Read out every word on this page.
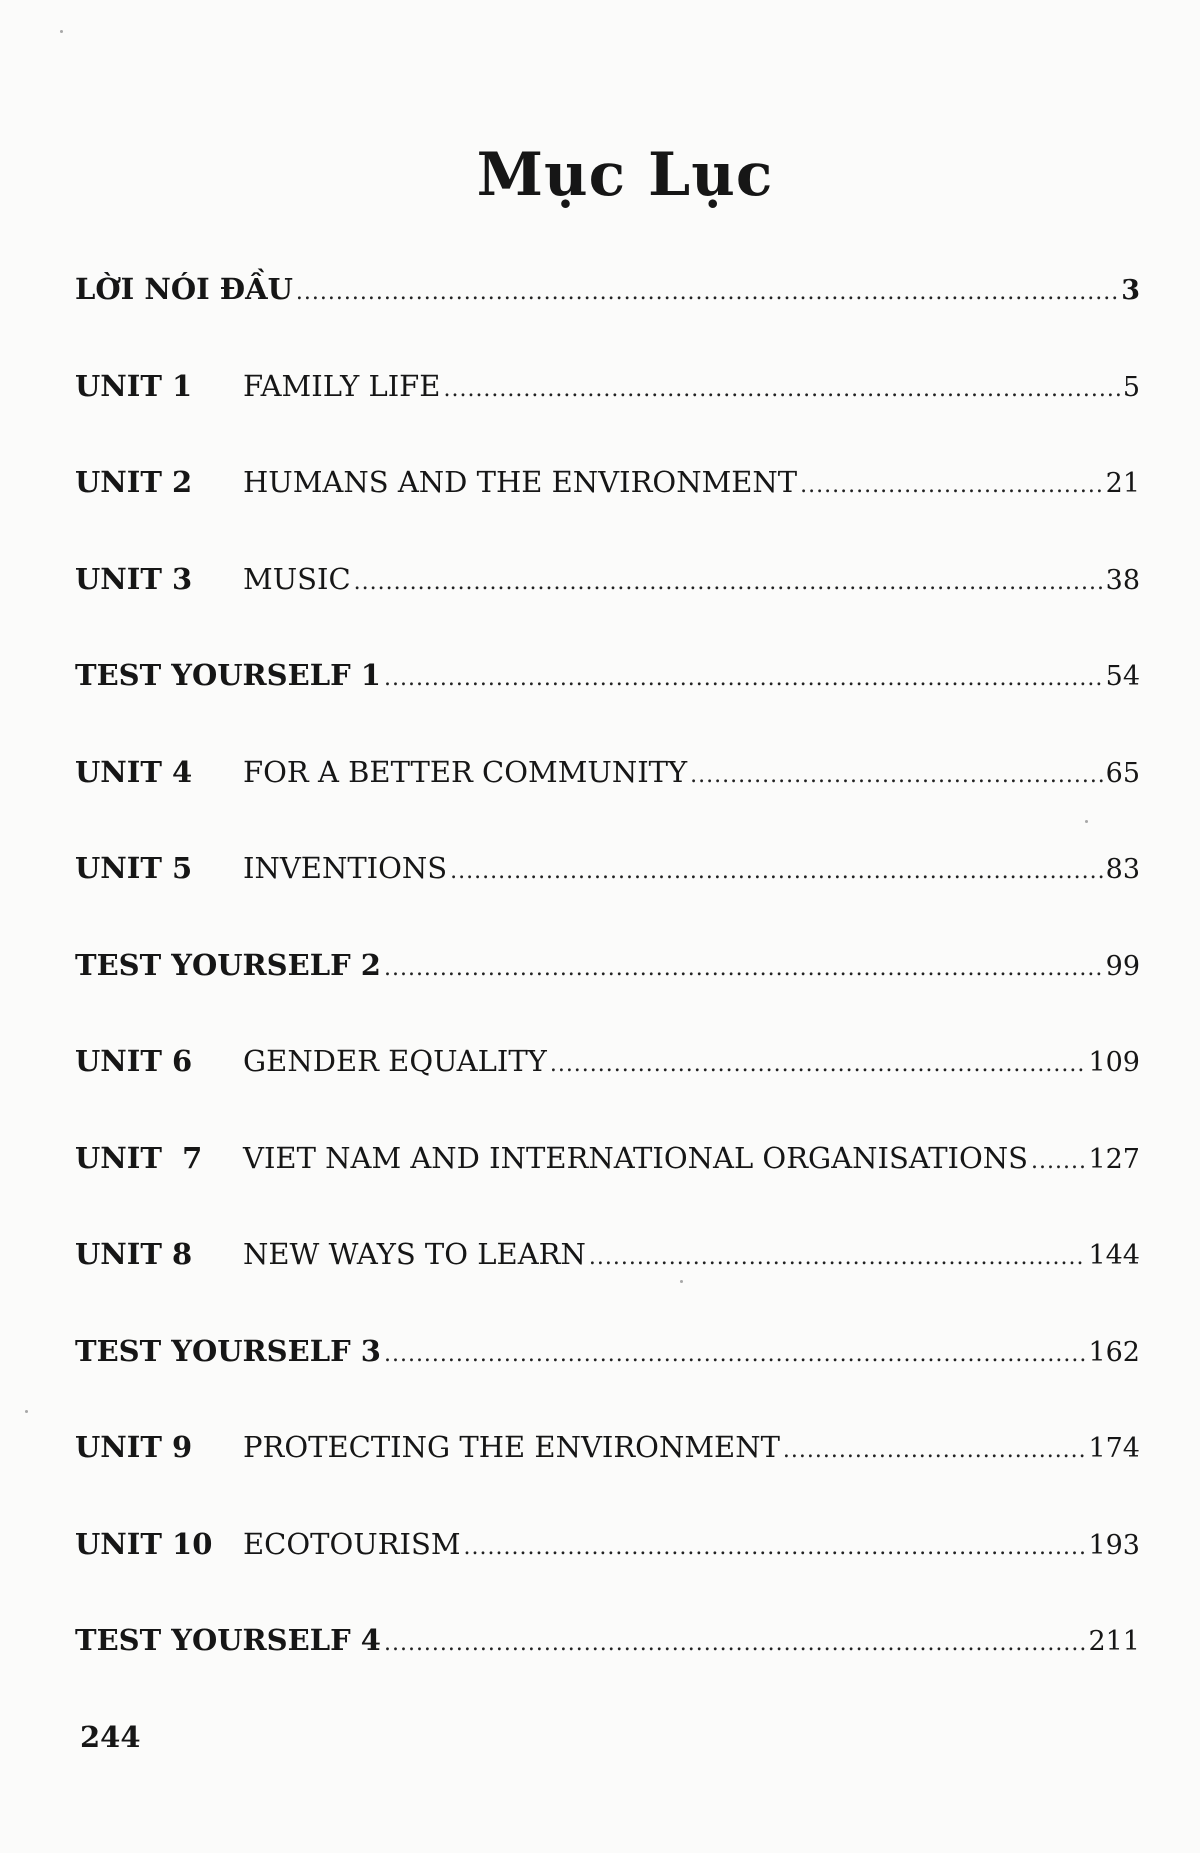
Mục Lục
LỜI NÓI ĐẦU .....	3
UNIT 1	FAMILY LIFE .....	5
UNIT 2	HUMANS AND THE ENVIRONMENT .....	21
UNIT 3	MUSIC .....	38
TEST YOURSELF 1 .....	54
UNIT 4	FOR A BETTER COMMUNITY .....	65
UNIT 5	INVENTIONS .....	83
TEST YOURSELF 2 .....	99
UNIT 6	GENDER EQUALITY .....	109
UNIT  7	VIET NAM AND INTERNATIONAL ORGANISATIONS ..... 127
UNIT 8	NEW WAYS TO LEARN .....	144
TEST YOURSELF 3 .....	162
UNIT 9	PROTECTING THE ENVIRONMENT .....	174
UNIT 10	ECOTOURISM .....	193
TEST YOURSELF 4 .....	211
244
